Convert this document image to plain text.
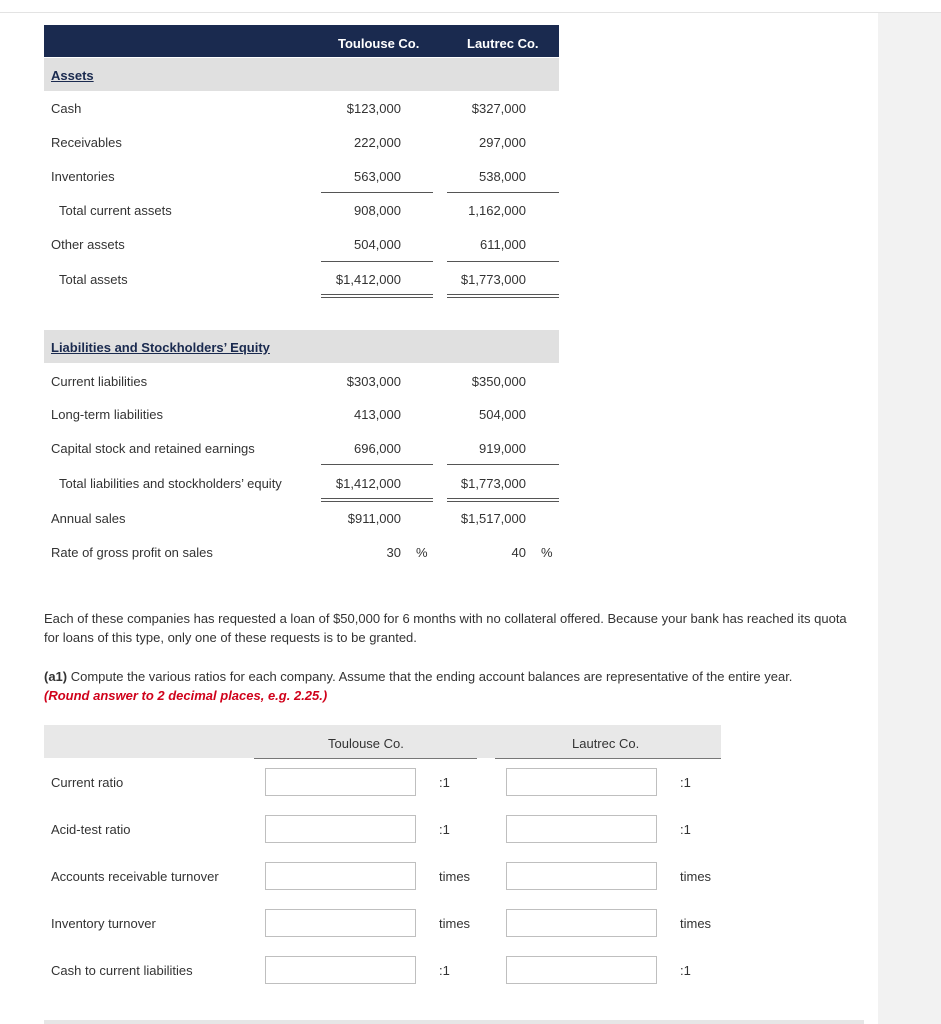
Toulouse Co.	Lautrec Co.
Assets
Cash	$123,000	$327,000
Receivables	222,000	297,000
Inventories	563,000	538,000
Total current assets	908,000	1,162,000
Other assets	504,000	611,000
Total assets	$1,412,000	$1,773,000
Liabilities and Stockholders’ Equity
Current liabilities	$303,000	$350,000
Long-term liabilities	413,000	504,000
Capital stock and retained earnings	696,000	919,000
Total liabilities and stockholders’ equity	$1,412,000	$1,773,000
Annual sales	$911,000	$1,517,000
Rate of gross profit on sales	30 %	40 %

Each of these companies has requested a loan of $50,000 for 6 months with no collateral offered. Because your bank has reached its quota for loans of this type, only one of these requests is to be granted.

(a1) Compute the various ratios for each company. Assume that the ending account balances are representative of the entire year.
(Round answer to 2 decimal places, e.g. 2.25.)

Toulouse Co.	Lautrec Co.
Current ratio	:1	:1
Acid-test ratio	:1	:1
Accounts receivable turnover	times	times
Inventory turnover	times	times
Cash to current liabilities	:1	:1
